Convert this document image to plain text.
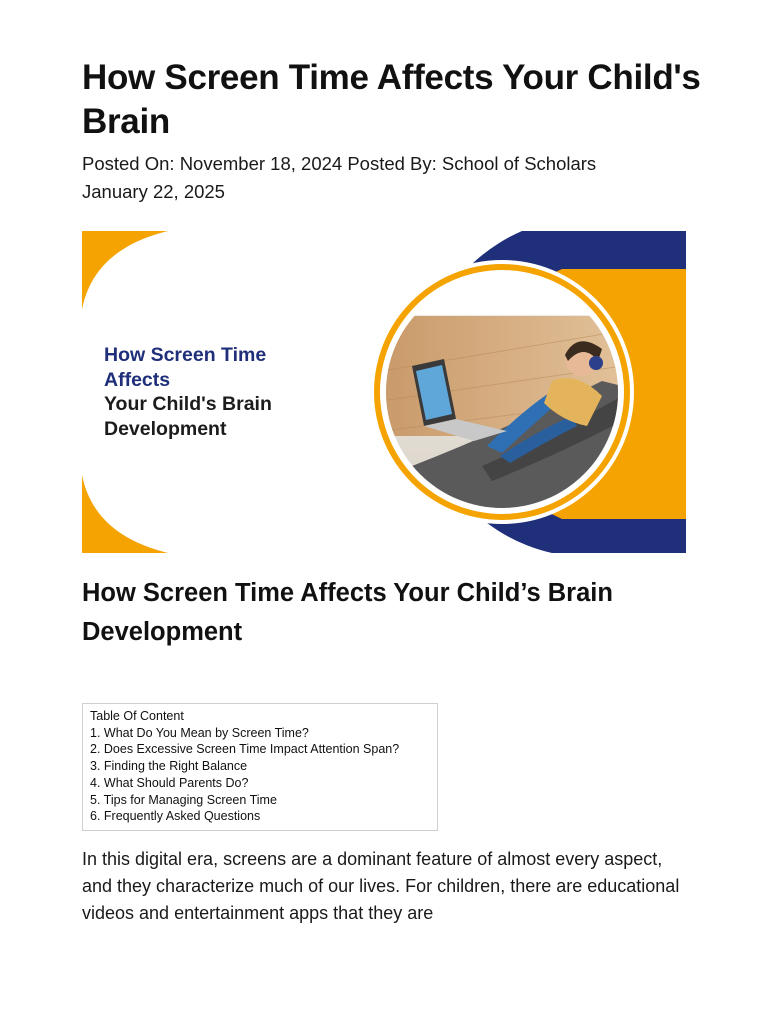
How Screen Time Affects Your Child's Brain
Posted On: November 18, 2024 Posted By: School of Scholars
January 22, 2025
How Screen Time
Affects
Your Child's Brain
Development
How Screen Time Affects Your Child’s Brain Development
Table Of Content
1. What Do You Mean by Screen Time?
2. Does Excessive Screen Time Impact Attention Span?
3. Finding the Right Balance
4. What Should Parents Do?
5. Tips for Managing Screen Time
6. Frequently Asked Questions

In this digital era, screens are a dominant feature of almost every aspect, and they characterize much of our lives. For children, there are educational videos and entertainment apps that they are
